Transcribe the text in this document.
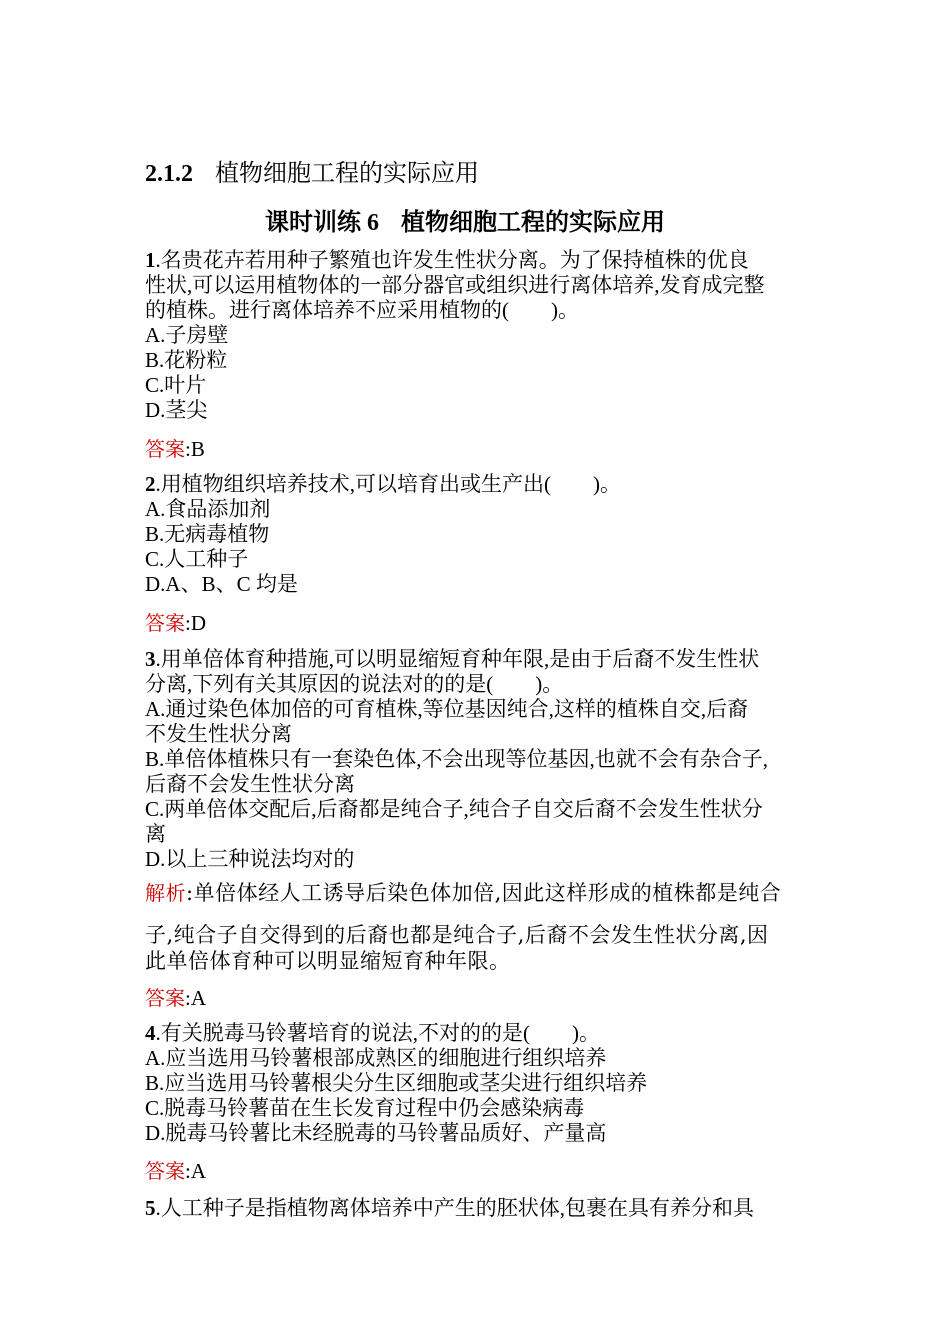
2.1.2 植物细胞工程的实际应用
课时训练 6 植物细胞工程的实际应用
1.名贵花卉若用种子繁殖也许发生性状分离。为了保持植株的优良
性状,可以运用植物体的一部分器官或组织进行离体培养,发育成完整
的植株。进行离体培养不应采用植物的(　　)。
A.子房壁
B.花粉粒
C.叶片
D.茎尖
答案:B
2.用植物组织培养技术,可以培育出或生产出(　　)。
A.食品添加剂
B.无病毒植物
C.人工种子
D.A、B、C 均是
答案:D
3.用单倍体育种措施,可以明显缩短育种年限,是由于后裔不发生性状
分离,下列有关其原因的说法对的的是(　　)。
A.通过染色体加倍的可育植株,等位基因纯合,这样的植株自交,后裔
不发生性状分离
B.单倍体植株只有一套染色体,不会出现等位基因,也就不会有杂合子,
后裔不会发生性状分离
C.两单倍体交配后,后裔都是纯合子,纯合子自交后裔不会发生性状分
离
D.以上三种说法均对的
解析:单倍体经人工诱导后染色体加倍,因此这样形成的植株都是纯合
子,纯合子自交得到的后裔也都是纯合子,后裔不会发生性状分离,因
此单倍体育种可以明显缩短育种年限。
答案:A
4.有关脱毒马铃薯培育的说法,不对的的是(　　)。
A.应当选用马铃薯根部成熟区的细胞进行组织培养
B.应当选用马铃薯根尖分生区细胞或茎尖进行组织培养
C.脱毒马铃薯苗在生长发育过程中仍会感染病毒
D.脱毒马铃薯比未经脱毒的马铃薯品质好、产量高
答案:A
5.人工种子是指植物离体培养中产生的胚状体,包裹在具有养分和具
